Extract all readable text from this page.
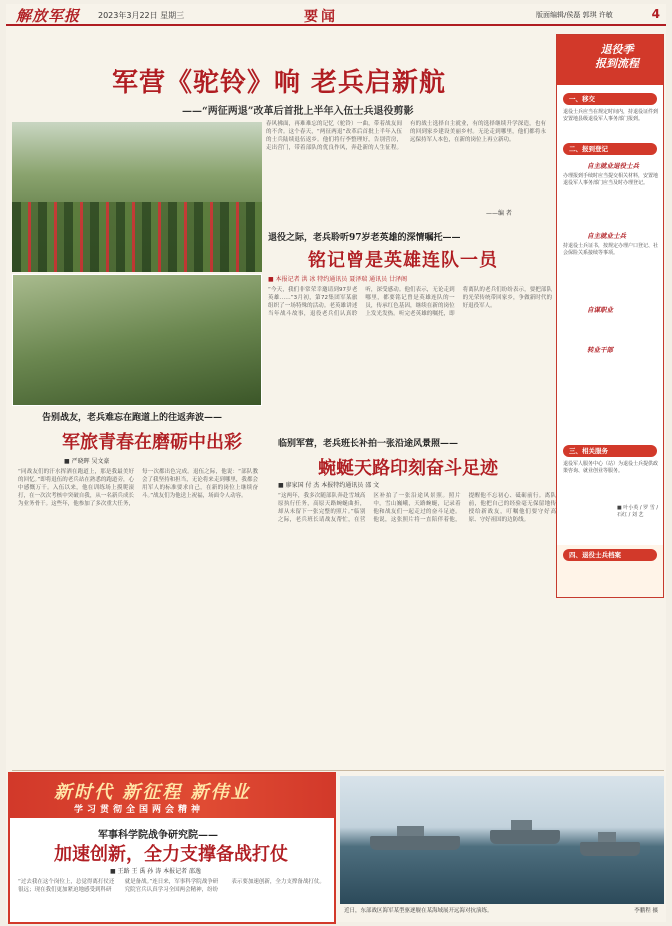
解放军报 2023年3月22日 星期三	要闻	版面编辑/侯磊 郭琪 许敏	4
军营《驼铃》响 老兵启新航
——“两征两退”改革后首批上半年入伍士兵退役剪影
春风拂面，再难难忘的记忆（驼铃）一曲，带着战友间的不舍。这个春天，“两征两退”改革后首批上半年入伍的士兵陆续退伍返乡。他们将行李整理好，告别营房，走出营门，带着部队的优良作风，奔赴新的人生征程。有的战士选择自主就业，有的选择继续升学深造，也有的回到家乡建设美丽乡村。无论走到哪里，他们都将永远保持军人本色，在新的岗位上再立新功。
——编 者
退役之际，老兵聆听97岁老英雄的深情嘱托——
铭记曾是英雄连队一员
■ 本报记者 洪 冰 特约通讯员 聂泽瑞 通讯员 廿泽阁
“今天，我们非常荣幸邀请到97岁老英雄……”3月初，第72集团军某旅组织了一场特殊的活动。老英雄讲述当年战斗故事，退役老兵们认真聆听，深受感动。他们表示，无论走到哪里，都要铭记曾是英雄连队的一员，传承红色基因，继续在新的岗位上发光发热。听完老英雄的嘱托，即将离队的老兵们纷纷表示，要把部队的光荣传统带回家乡，争做新时代的好退役军人。
退役季
报到流程
一、移交
退役士兵应当在规定时间内，持退役证件到安置地县级退役军人事务部门报到。
二、报到登记
自主就业退役士兵
办理报到手续时应当提交相关材料，安置地退役军人事务部门应当及时办理登记。
自主就业士兵
持退役士兵证书，按规定办理户口登记、社会保险关系接续等事项。
自谋职业
转业干部
三、相关服务
退役军人服务中心（站）为退役士兵提供政策咨询、就业创业等服务。
■ 叶小英 / 罗 雪 / 石红 / 刘 艺
四、退役士兵档案
告别战友，老兵难忘在跑道上的往返奔波——
军旅青春在磨砺中出彩
■ 严晓晖 吴文豪
“同战友们的汗水挥洒在跑道上，那是我最美好的回忆。”即将退伍的老兵站在熟悉的跑道旁，心中感慨万千。入伍以来，他在训练场上摸爬滚打，在一次次考核中突破自我，从一名新兵成长为业务骨干。这些年，他参加了多次重大任务，每一次都出色完成。退伍之际，他说：“部队教会了我坚持和担当，无论将来走到哪里，我都会用军人的标准要求自己，在新的岗位上继续奋斗。”战友们为他送上祝福，场面令人动容。
临别军营，老兵班长补拍一张沿途风景照——
蜿蜒天路印刻奋斗足迹
■ 廖家国 付 杰 本报特约通讯员 邵 文
“这两年，我多次随部队奔赴雪域高原执行任务，高原天路蜿蜒曲折，却从未留下一张完整的照片。”临别之际，老兵班长请战友帮忙，在营区补拍了一张沿途风景照。照片中，雪山巍峨，天路蜿蜒，记录着他和战友们一起走过的奋斗足迹。他说，这张照片将一直陪伴着他，提醒他不忘初心、砥砺前行。离队前，他把自己的经验毫无保留地传授给新战友，叮嘱他们要守好高原、守好祖国的边防线。
新时代 新征程 新伟业
学习贯彻全国两会精神
军事科学院战争研究院——
加速创新，全力支撑备战打仗
■ 王路 王 禹 孙 涛 本报记者 邵逸
“过去我在这个岗位上，总觉得离打仗还很远；现在我们更加紧迫地感受到科研就是备战。”连日来，军事科学院战争研究院官兵认真学习全国两会精神，纷纷表示要加速创新，全力支撑备战打仗。
近日，东部战区海军某型驱逐舰在某海域展开远海对抗演练。	李鹏程 摄
